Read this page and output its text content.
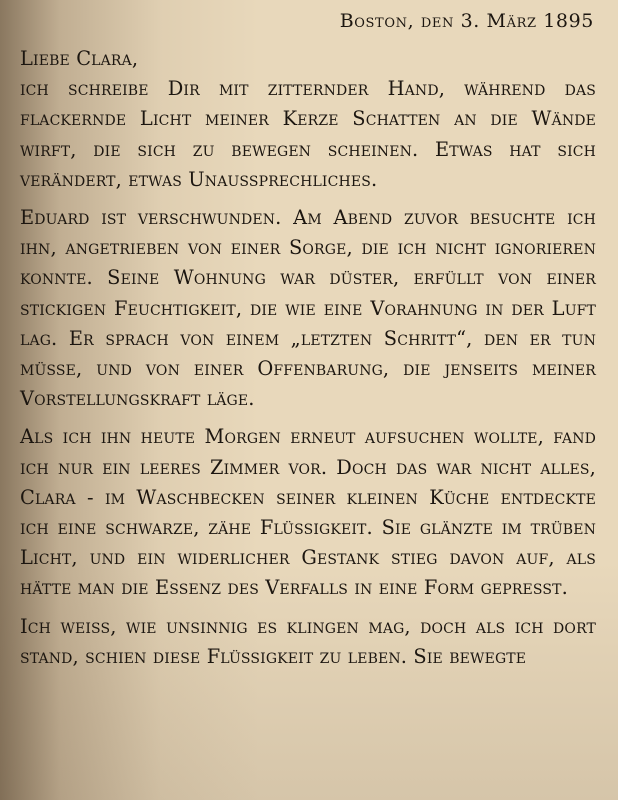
Boston, den 3. März 1895

Liebe Clara,

ich schreibe Dir mit zitternder Hand, während das flackernde Licht meiner Kerze Schatten an die Wände wirft, die sich zu bewegen scheinen. Etwas hat sich verändert, etwas Unaussprechliches.

Eduard ist verschwunden. Am Abend zuvor besuchte ich ihn, angetrieben von einer Sorge, die ich nicht ignorieren konnte. Seine Wohnung war düster, erfüllt von einer stickigen Feuchtigkeit, die wie eine Vorahnung in der Luft lag. Er sprach von einem „letzten Schritt“, den er tun müsse, und von einer Offenbarung, die jenseits meiner Vorstellungskraft läge.

Als ich ihn heute Morgen erneut aufsuchen wollte, fand ich nur ein leeres Zimmer vor. Doch das war nicht alles, Clara - im Waschbecken seiner kleinen Küche entdeckte ich eine schwarze, zähe Flüssigkeit. Sie glänzte im trüben Licht, und ein widerlicher Gestank stieg davon auf, als hätte man die Essenz des Verfalls in eine Form gepresst.

Ich weiss, wie unsinnig es klingen mag, doch als ich dort stand, schien diese Flüssigkeit zu leben. Sie bewegte
